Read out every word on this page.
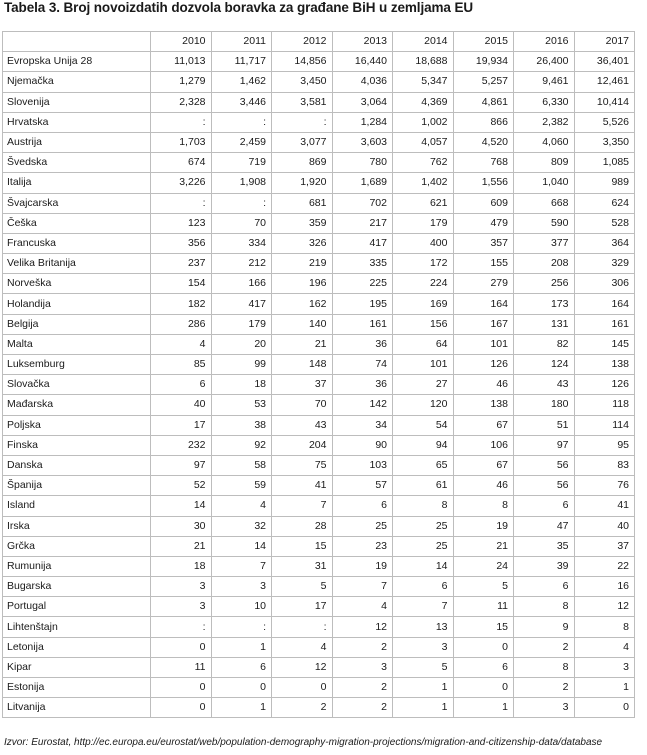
Tabela 3. Broj novoizdatih dozvola boravka za građane BiH u zemljama EU
	2010	2011	2012	2013	2014	2015	2016	2017
Evropska Unija 28	11,013	11,717	14,856	16,440	18,688	19,934	26,400	36,401
Njemačka	1,279	1,462	3,450	4,036	5,347	5,257	9,461	12,461
Slovenija	2,328	3,446	3,581	3,064	4,369	4,861	6,330	10,414
Hrvatska	:	:	:	1,284	1,002	866	2,382	5,526
Austrija	1,703	2,459	3,077	3,603	4,057	4,520	4,060	3,350
Švedska	674	719	869	780	762	768	809	1,085
Italija	3,226	1,908	1,920	1,689	1,402	1,556	1,040	989
Švajcarska	:	:	681	702	621	609	668	624
Češka	123	70	359	217	179	479	590	528
Francuska	356	334	326	417	400	357	377	364
Velika Britanija	237	212	219	335	172	155	208	329
Norveška	154	166	196	225	224	279	256	306
Holandija	182	417	162	195	169	164	173	164
Belgija	286	179	140	161	156	167	131	161
Malta	4	20	21	36	64	101	82	145
Luksemburg	85	99	148	74	101	126	124	138
Slovačka	6	18	37	36	27	46	43	126
Mađarska	40	53	70	142	120	138	180	118
Poljska	17	38	43	34	54	67	51	114
Finska	232	92	204	90	94	106	97	95
Danska	97	58	75	103	65	67	56	83
Španija	52	59	41	57	61	46	56	76
Island	14	4	7	6	8	8	6	41
Irska	30	32	28	25	25	19	47	40
Grčka	21	14	15	23	25	21	35	37
Rumunija	18	7	31	19	14	24	39	22
Bugarska	3	3	5	7	6	5	6	16
Portugal	3	10	17	4	7	11	8	12
Lihtenštajn	:	:	:	12	13	15	9	8
Letonija	0	1	4	2	3	0	2	4
Kipar	11	6	12	3	5	6	8	3
Estonija	0	0	0	2	1	0	2	1
Litvanija	0	1	2	2	1	1	3	0
Izvor: Eurostat, http://ec.europa.eu/eurostat/web/population-demography-migration-projections/migration-and-citizenship-data/database
